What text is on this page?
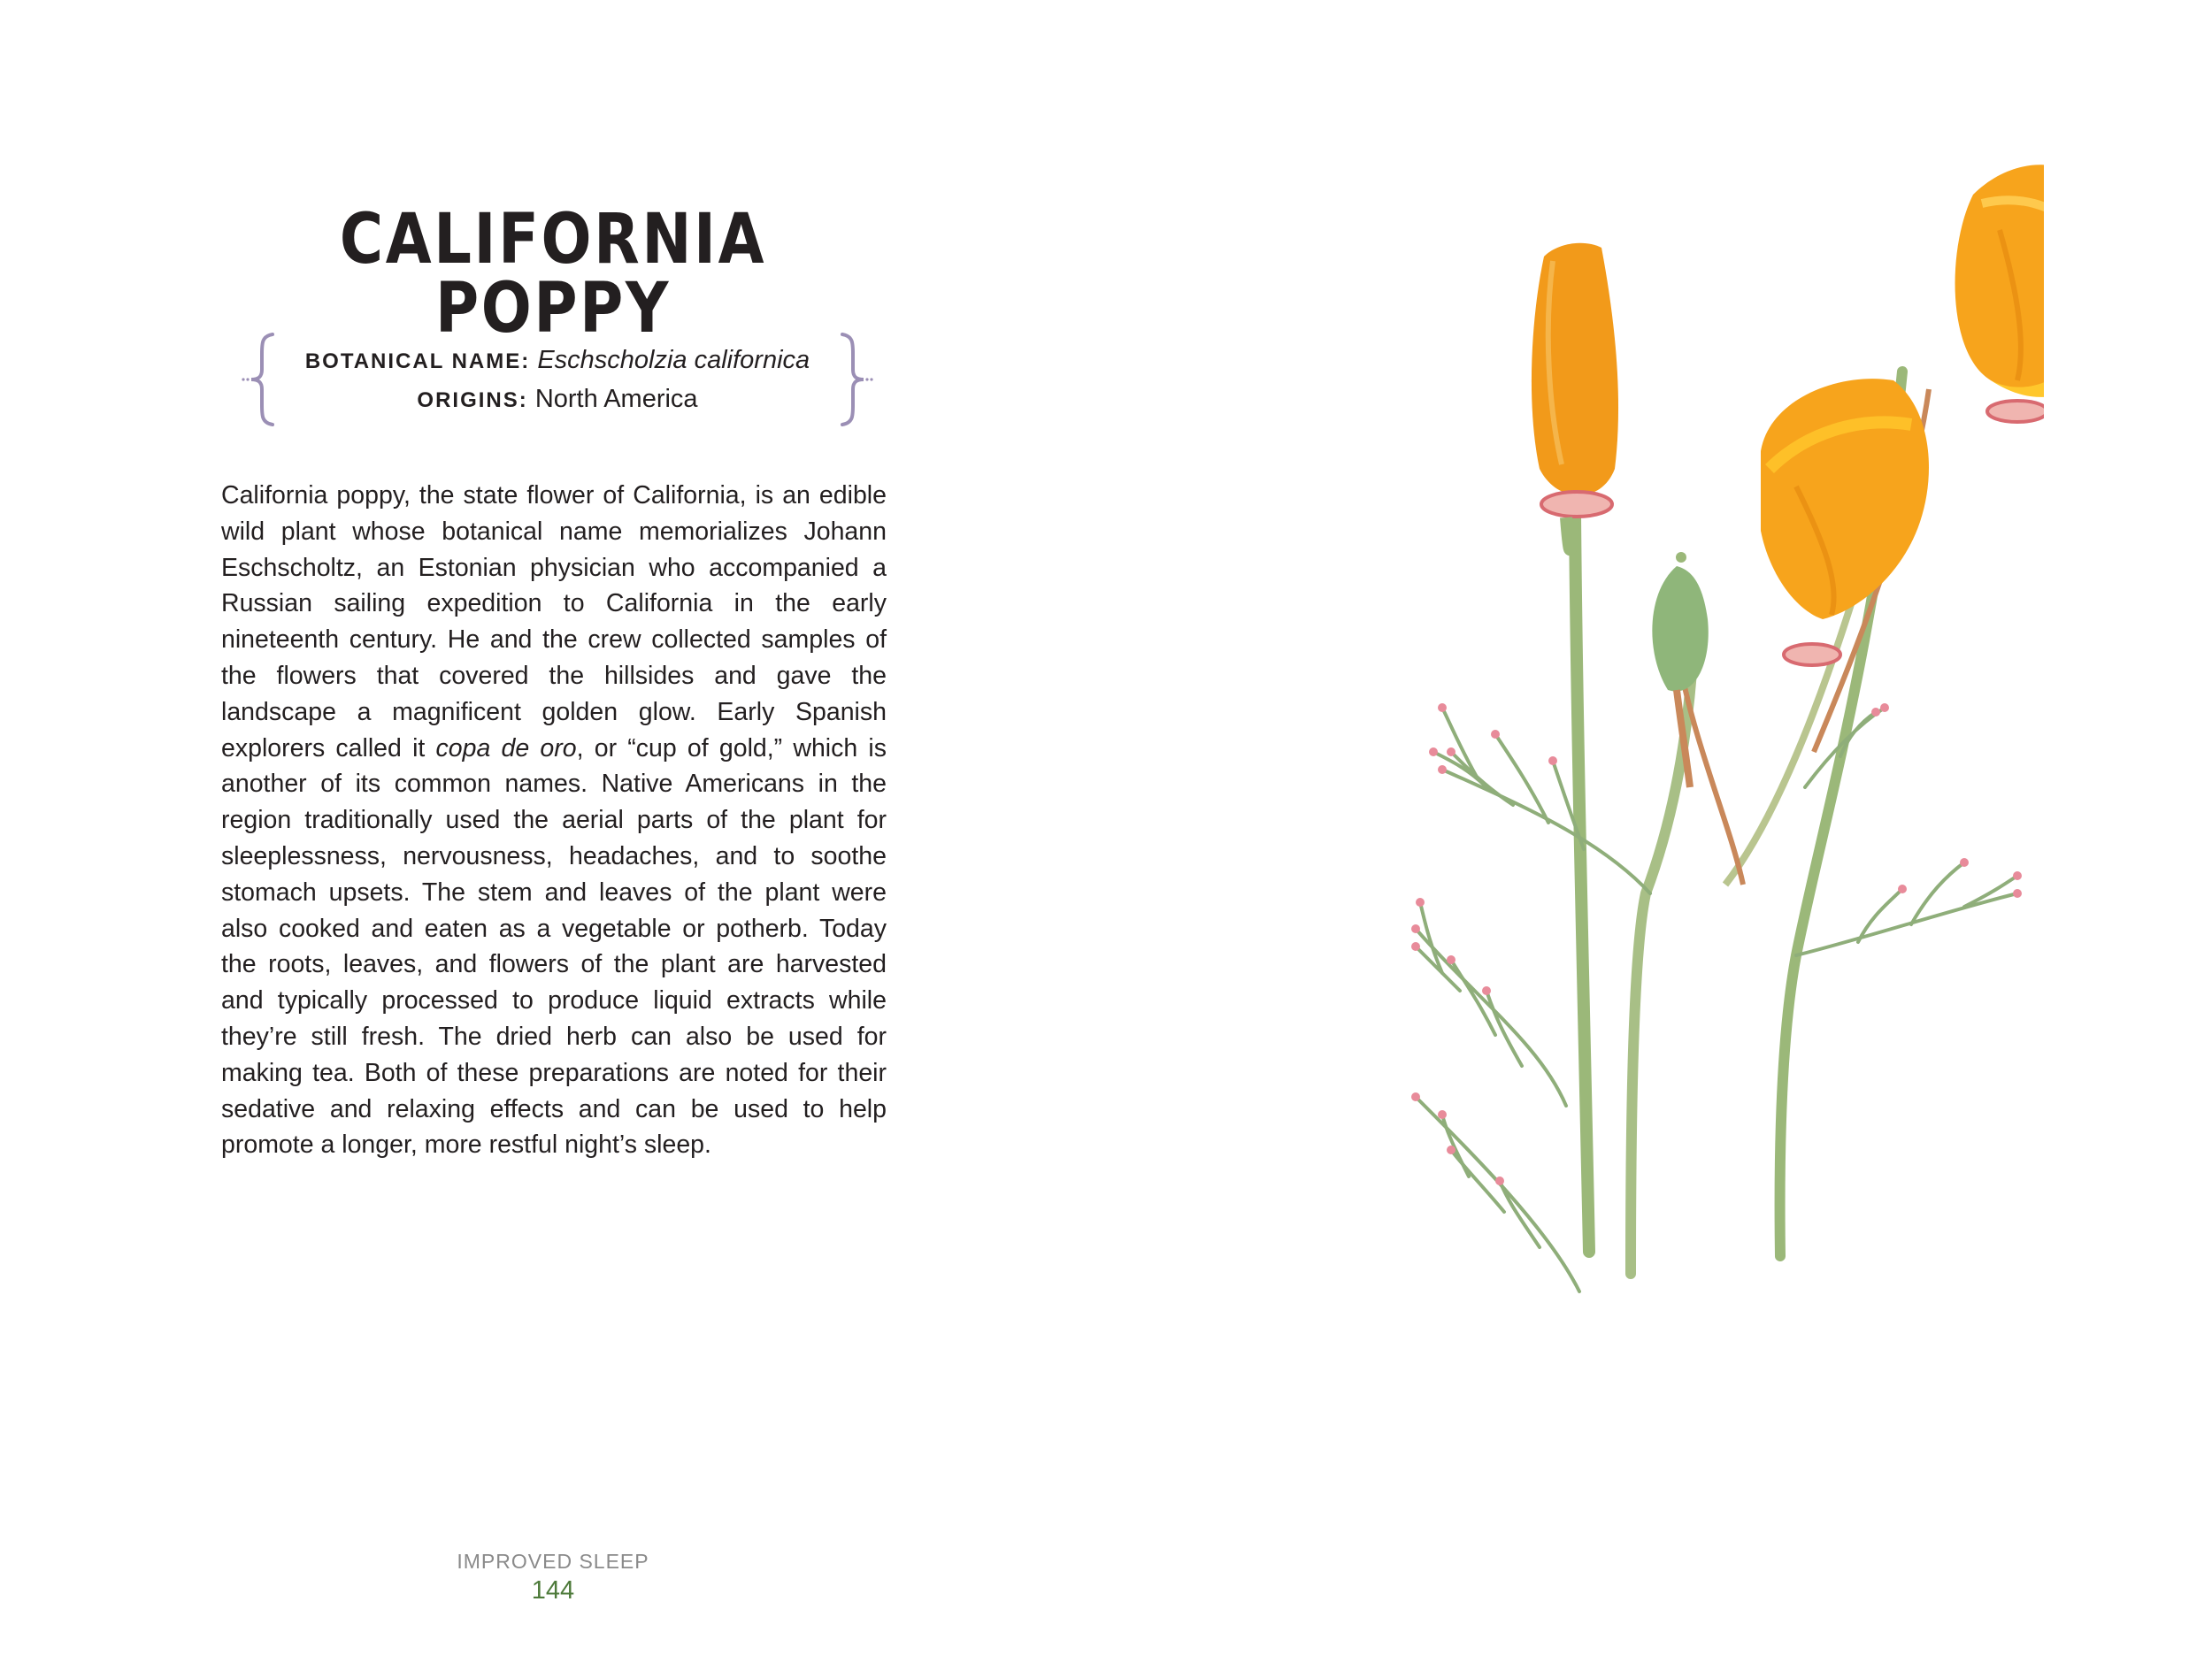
CALIFORNIA POPPY
BOTANICAL NAME: Eschscholzia californica
ORIGINS: North America

California poppy, the state flower of California, is an edible wild plant whose botanical name memorializes Johann Eschscholtz, an Estonian physician who accompanied a Russian sailing expedition to California in the early nineteenth century. He and the crew collected samples of the flowers that covered the hillsides and gave the landscape a magnificent golden glow. Early Spanish explorers called it copa de oro, or “cup of gold,” which is another of its common names. Native Americans in the region traditionally used the aerial parts of the plant for sleeplessness, nervousness, headaches, and to soothe stomach upsets. The stem and leaves of the plant were also cooked and eaten as a vegetable or potherb. Today the roots, leaves, and flowers of the plant are harvested and typically processed to produce liquid extracts while they’re still fresh. The dried herb can also be used for making tea. Both of these preparations are noted for their sedative and relaxing effects and can be used to help promote a longer, more restful night’s sleep.

IMPROVED SLEEP
144
